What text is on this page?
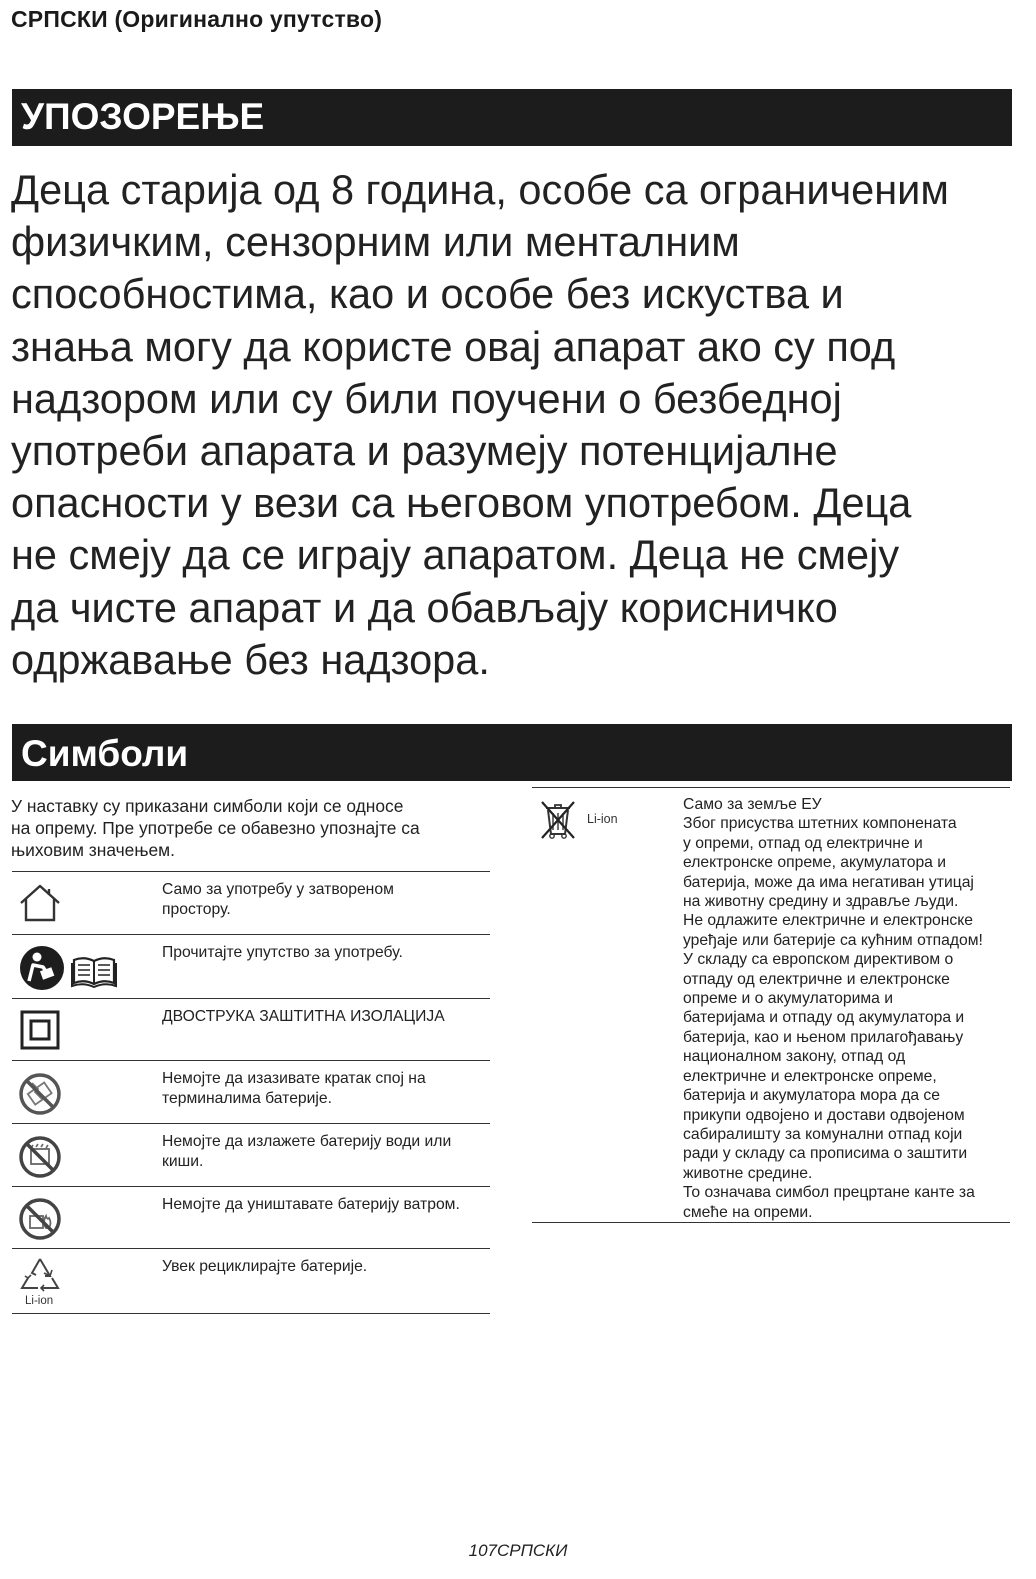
СРПСКИ (Оригинално упутство)
УПОЗОРЕЊЕ
Деца старија од 8 година, особе са ограниченим
физичким, сензорним или менталним
способностима, као и особе без искуства и
знања могу да користе овај апарат ако су под
надзором или су били поучени о безбедној
употреби апарата и разумеју потенцијалне
опасности у вези са његовом употребом. Деца
не смеју да се играју апаратом. Деца не смеју
да чисте апарат и да обављају корисничко
одржавање без надзора.
Симболи
У наставку су приказани симболи који се односе
на опрему. Пре употребе се обавезно упознајте са
њиховим значењем.
Само за употребу у затвореном
простору.
Прочитајте упутство за употребу.
ДВОСТРУКА ЗАШТИТНА ИЗОЛАЦИЈА
Немојте да изазивате кратак спој на
терминалима батерије.
Немојте да излажете батерију води или
киши.
Немојте да уништавате батерију ватром.
Li-ion
Увек рециклирајте батерије.
Li-ion
Само за земље ЕУ
Због присуства штетних компонената
у опреми, отпад од електричне и
електронске опреме, акумулатора и
батерија, може да има негативан утицај
на животну средину и здравље људи.
Не одлажите електричне и електронске
уређаје или батерије са кућним отпадом!
У складу са европском директивом о
отпаду од електричне и електронске
опреме и о акумулаторима и
батеријама и отпаду од акумулатора и
батерија, као и њеном прилагођавању
националном закону, отпад од
електричне и електронске опреме,
батерија и акумулатора мора да се
прикупи одвојено и достави одвојеном
сабиралишту за комунални отпад који
ради у складу са прописима о заштити
животне средине.
То означава симбол прецртане канте за
смеће на опреми.
107СРПСКИ
